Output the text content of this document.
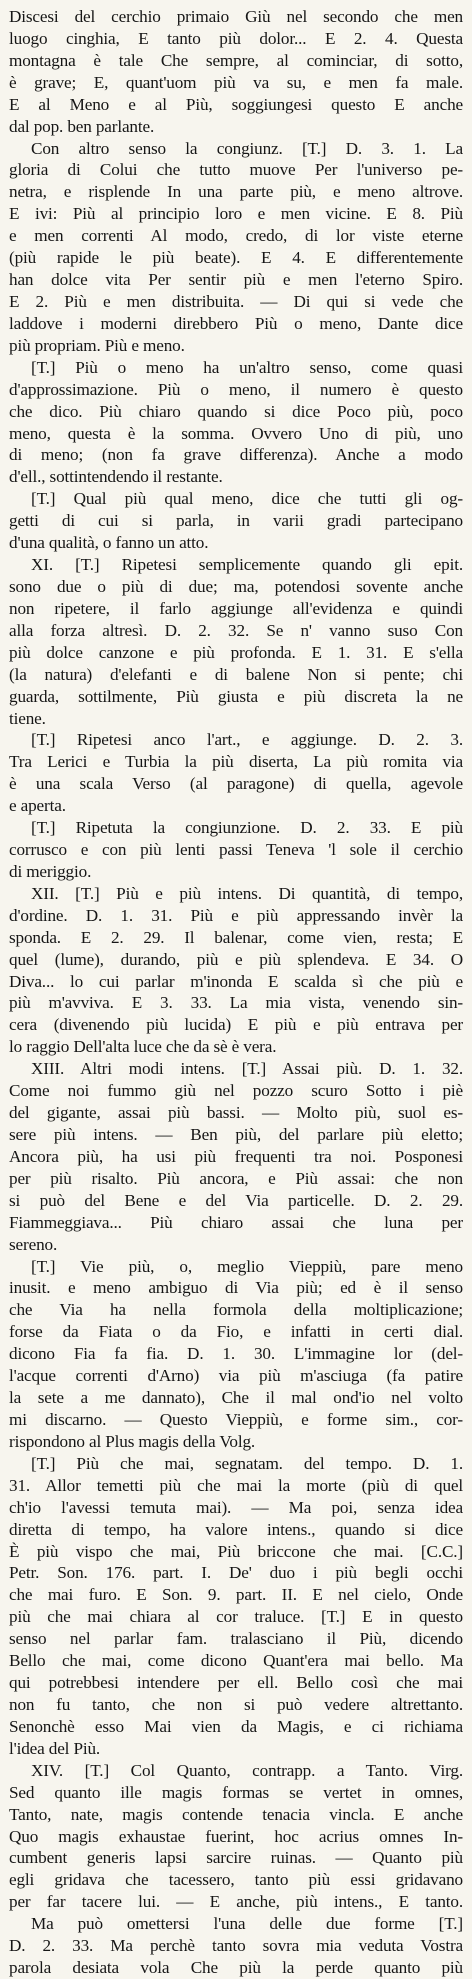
Discesi del cerchio primaio Giù nel secondo che men
luogo cinghia, E tanto più dolor... E 2. 4. Questa
montagna è tale Che sempre, al cominciar, di sotto,
è grave; E, quant'uom più va su, e men fa male.
E al Meno e al Più, soggiungesi questo E anche
dal pop. ben parlante.
Con altro senso la congiunz. [T.] D. 3. 1. La
gloria di Colui che tutto muove Per l'universo pe-
netra, e risplende In una parte più, e meno altrove.
E ivi: Più al principio loro e men vicine. E 8. Più
e men correnti Al modo, credo, di lor viste eterne
(più rapide le più beate). E 4. E differentemente
han dolce vita Per sentir più e men l'eterno Spiro.
E 2. Più e men distribuita. — Di qui si vede che
laddove i moderni direbbero Più o meno, Dante dice
più propriam. Più e meno.
[T.] Più o meno ha un'altro senso, come quasi
d'approssimazione. Più o meno, il numero è questo
che dico. Più chiaro quando si dice Poco più, poco
meno, questa è la somma. Ovvero Uno di più, uno
di meno; (non fa grave differenza). Anche a modo
d'ell., sottintendendo il restante.
[T.] Qual più qual meno, dice che tutti gli og-
getti di cui si parla, in varii gradi partecipano
d'una qualità, o fanno un atto.
XI. [T.] Ripetesi semplicemente quando gli epit.
sono due o più di due; ma, potendosi sovente anche
non ripetere, il farlo aggiunge all'evidenza e quindi
alla forza altresì. D. 2. 32. Se n' vanno suso Con
più dolce canzone e più profonda. E 1. 31. E s'ella
(la natura) d'elefanti e di balene Non si pente; chi
guarda, sottilmente, Più giusta e più discreta la ne
tiene.
[T.] Ripetesi anco l'art., e aggiunge. D. 2. 3.
Tra Lerici e Turbia la più diserta, La più romita via
è una scala Verso (al paragone) di quella, agevole
e aperta.
[T.] Ripetuta la congiunzione. D. 2. 33. E più
corrusco e con più lenti passi Teneva 'l sole il cerchio
di meriggio.
XII. [T.] Più e più intens. Di quantità, di tempo,
d'ordine. D. 1. 31. Più e più appressando invèr la
sponda. E 2. 29. Il balenar, come vien, resta; E
quel (lume), durando, più e più splendeva. E 34. O
Diva... lo cui parlar m'inonda E scalda sì che più e
più m'avviva. E 3. 33. La mia vista, venendo sin-
cera (divenendo più lucida) E più e più entrava per
lo raggio Dell'alta luce che da sè è vera.
XIII. Altri modi intens. [T.] Assai più. D. 1. 32.
Come noi fummo giù nel pozzo scuro Sotto i piè
del gigante, assai più bassi. — Molto più, suol es-
sere più intens. — Ben più, del parlare più eletto;
Ancora più, ha usi più frequenti tra noi. Posponesi
per più risalto. Più ancora, e Più assai: che non
si può del Bene e del Via particelle. D. 2. 29.
Fiammeggiava... Più chiaro assai che luna per
sereno.
[T.] Vie più, o, meglio Vieppiù, pare meno
inusit. e meno ambiguo di Via più; ed è il senso
che Via ha nella formola della moltiplicazione;
forse da Fiata o da Fio, e infatti in certi dial.
dicono Fia fa fia. D. 1. 30. L'immagine lor (del-
l'acque correnti d'Arno) via più m'asciuga (fa patire
la sete a me dannato), Che il mal ond'io nel volto
mi discarno. — Questo Vieppiù, e forme sim., cor-
rispondono al Plus magis della Volg.
[T.] Più che mai, segnatam. del tempo. D. 1.
31. Allor temetti più che mai la morte (più di quel
ch'io l'avessi temuta mai). — Ma poi, senza idea
diretta di tempo, ha valore intens., quando si dice
È più vispo che mai, Più briccone che mai. [C.C.]
Petr. Son. 176. part. I. De' duo i più begli occhi
che mai furo. E Son. 9. part. II. E nel cielo, Onde
più che mai chiara al cor traluce. [T.] E in questo
senso nel parlar fam. tralasciano il Più, dicendo
Bello che mai, come dicono Quant'era mai bello. Ma
qui potrebbesi intendere per ell. Bello così che mai
non fu tanto, che non si può vedere altrettanto.
Senonchè esso Mai vien da Magis, e ci richiama
l'idea del Più.
XIV. [T.] Col Quanto, contrapp. a Tanto. Virg.
Sed quanto ille magis formas se vertet in omnes,
Tanto, nate, magis contende tenacia vincla. E anche
Quo magis exhaustae fuerint, hoc acrius omnes In-
cumbent generis lapsi sarcire ruinas. — Quanto più
egli gridava che tacessero, tanto più essi gridavano
per far tacere lui. — E anche, più intens., E tanto.
Ma può omettersi l'una delle due forme [T.]
D. 2. 33. Ma perchè tanto sovra mia veduta Vostra
parola desiata vola Che più la perde quanto più
